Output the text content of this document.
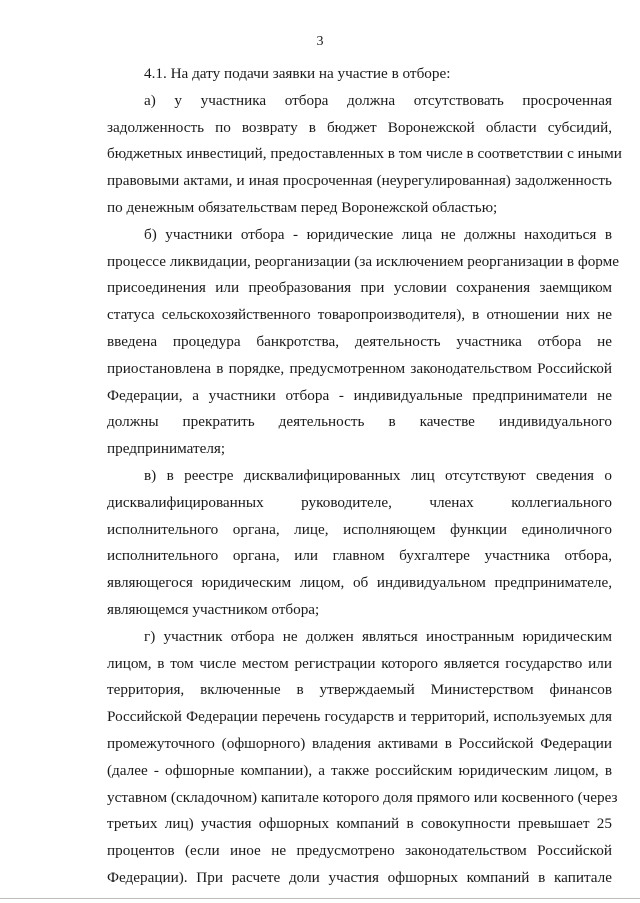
3
4.1. На дату подачи заявки на участие в отборе:
а) у участника отбора должна отсутствовать просроченная
задолженность по возврату в бюджет Воронежской области субсидий,
бюджетных инвестиций, предоставленных в том числе в соответствии с иными
правовыми актами, и иная просроченная (неурегулированная) задолженность
по денежным обязательствам перед Воронежской областью;
б) участники отбора - юридические лица не должны находиться в
процессе ликвидации, реорганизации (за исключением реорганизации в форме
присоединения или преобразования при условии сохранения заемщиком
статуса сельскохозяйственного товаропроизводителя), в отношении них не
введена процедура банкротства, деятельность участника отбора не
приостановлена в порядке, предусмотренном законодательством Российской
Федерации, а участники отбора - индивидуальные предприниматели не
должны прекратить деятельность в качестве индивидуального
предпринимателя;
в) в реестре дисквалифицированных лиц отсутствуют сведения о
дисквалифицированных руководителе, членах коллегиального
исполнительного органа, лице, исполняющем функции единоличного
исполнительного органа, или главном бухгалтере участника отбора,
являющегося юридическим лицом, об индивидуальном предпринимателе,
являющемся участником отбора;
г) участник отбора не должен являться иностранным юридическим
лицом, в том числе местом регистрации которого является государство или
территория, включенные в утверждаемый Министерством финансов
Российской Федерации перечень государств и территорий, используемых для
промежуточного (офшорного) владения активами в Российской Федерации
(далее - офшорные компании), а также российским юридическим лицом, в
уставном (складочном) капитале которого доля прямого или косвенного (через
третьих лиц) участия офшорных компаний в совокупности превышает 25
процентов (если иное не предусмотрено законодательством Российской
Федерации). При расчете доли участия офшорных компаний в капитале
